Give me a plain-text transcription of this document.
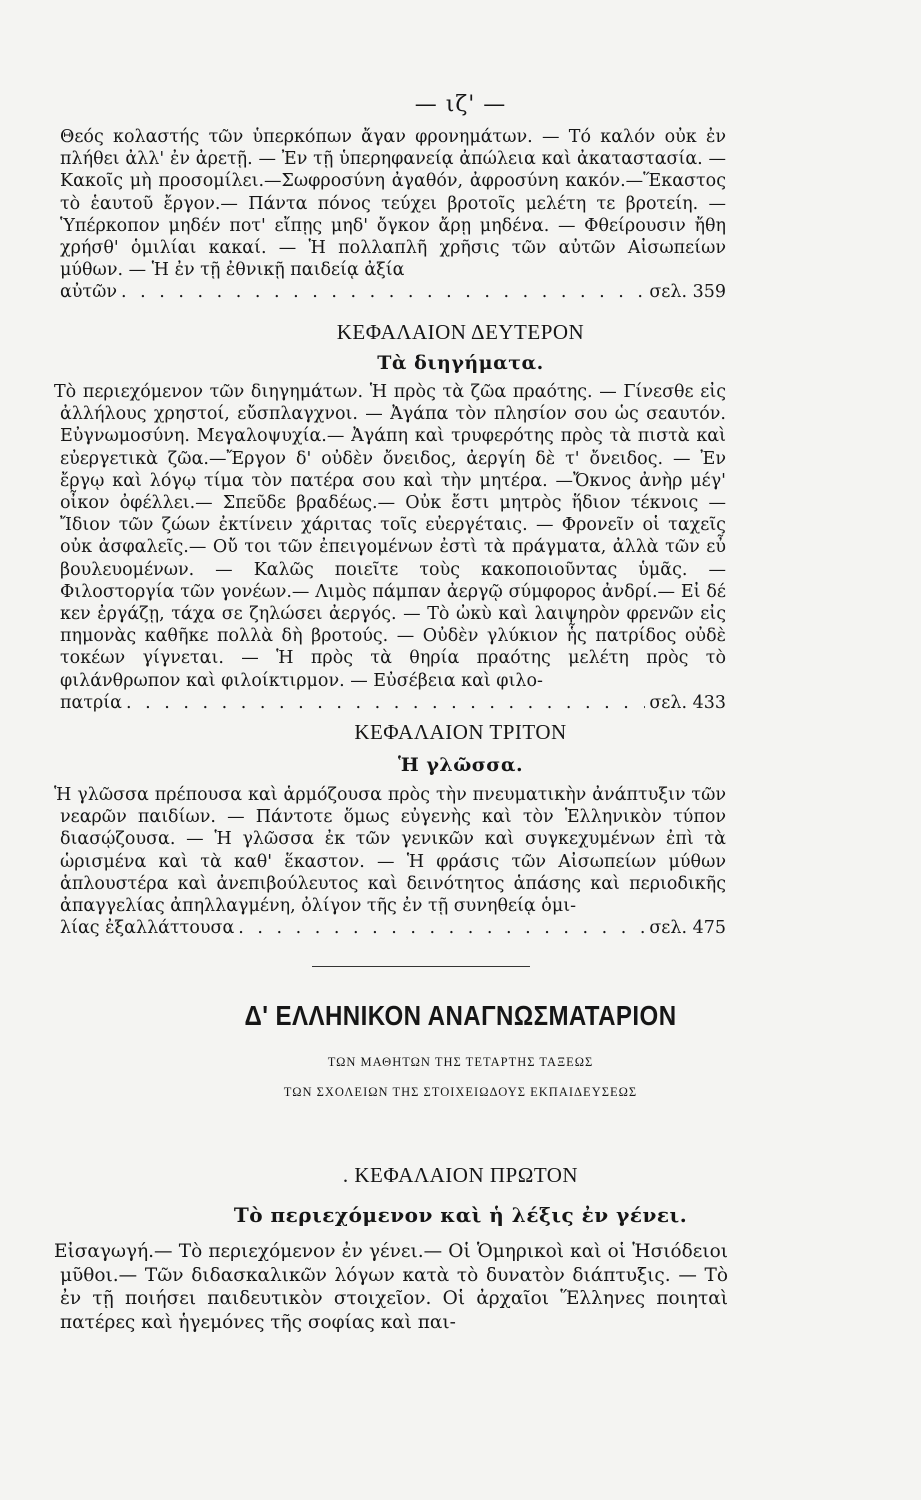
— ιζ' —
Θεός κολαστής τῶν ὑπερκόπων ἄγαν φρονημάτων. — Τό καλόν οὐκ ἐν πλήθει ἀλλ' ἐν ἀρετῇ. — Ἐν τῇ ὑπερηφανείᾳ ἀπώλεια καὶ ἀκαταστασία. — Κακοῖς μὴ προσομίλει.—Σωφροσύνη ἀγαθόν, ἀφροσύνη κακόν.—Ἕκαστος τὸ ἑαυτοῦ ἔργον.— Πάντα πόνος τεύχει βροτοῖς μελέτη τε βροτείη. — Ὑπέρκοπον μηδέν ποτ' εἴπῃς μηδ' ὄγκον ἄρῃ μηδένα. — Φθείρουσιν ἤθη χρήσθ' ὁμιλίαι κακαί. — Ἡ πολλαπλῆ χρῆσις τῶν αὐτῶν Αἰσωπείων μύθων. — Ἡ ἐν τῇ ἐθνικῇ παιδείᾳ ἀξία
αὐτῶν . . .	σελ. 359
ΚΕΦΑΛΑΙΟΝ ΔΕΥΤΕΡΟΝ
Τὰ διηγήματα.
Τὸ περιεχόμενον τῶν διηγημάτων. Ἡ πρὸς τὰ ζῶα πραότης. — Γίνεσθε εἰς ἀλλήλους χρηστοί, εὔσπλαγχνοι. — Ἀγάπα τὸν πλησίον σου ὡς σεαυτόν. Εὐγνωμοσύνη. Μεγαλοψυχία.— Ἀγάπη καὶ τρυφερότης πρὸς τὰ πιστὰ καὶ εὐεργετικὰ ζῶα.—Ἔργον δ' οὐδὲν ὄνειδος, ἀεργίη δὲ τ' ὄνειδος. — Ἐν ἔργῳ καὶ λόγῳ τίμα τὸν πατέρα σου καὶ τὴν μητέρα. —Ὄκνος ἀνὴρ μέγ' οἶκον ὀφέλλει.— Σπεῦδε βραδέως.— Οὐκ ἔστι μητρὸς ἥδιον τέκνοις —Ἴδιον τῶν ζώων ἐκτίνειν χάριτας τοῖς εὐεργέταις. — Φρονεῖν οἱ ταχεῖς οὐκ ἀσφαλεῖς.— Οὔ τοι τῶν ἐπειγομένων ἐστὶ τὰ πράγματα, ἀλλὰ τῶν εὖ βουλευομένων. — Καλῶς ποιεῖτε τοὺς κακοποιοῦντας ὑμᾶς. — Φιλοστοργία τῶν γονέων.— Λιμὸς πάμπαν ἀεργῷ σύμφορος ἀνδρί.— Εἰ δέ κεν ἐργάζῃ, τάχα σε ζηλώσει ἀεργός. — Τὸ ὠκὺ καὶ λαιψηρὸν φρενῶν εἰς πημονὰς καθῆκε πολλὰ δὴ βροτούς. — Οὐδὲν γλύκιον ἧς πατρίδος οὐδὲ τοκέων γίγνεται. — Ἡ πρὸς τὰ θηρία πραότης μελέτη πρὸς τὸ φιλάνθρωπον καὶ φιλοίκτιρμον. — Εὐσέβεια καὶ φιλο-
πατρία . . .	σελ. 433
ΚΕΦΑΛΑΙΟΝ ΤΡΙΤΟΝ
Ἡ γλῶσσα.
Ἡ γλῶσσα πρέπουσα καὶ ἁρμόζουσα πρὸς τὴν πνευματικὴν ἀνάπτυξιν τῶν νεαρῶν παιδίων. — Πάντοτε ὅμως εὐγενὴς καὶ τὸν Ἑλληνικὸν τύπον διασῴζουσα. — Ἡ γλῶσσα ἐκ τῶν γενικῶν καὶ συγκεχυμένων ἐπὶ τὰ ὡρισμένα καὶ τὰ καθ' ἕκαστον. — Ἡ φράσις τῶν Αἰσωπείων μύθων ἁπλουστέρα καὶ ἀνεπιβούλευτος καὶ δεινότητος ἁπάσης καὶ περιοδικῆς ἀπαγγελίας ἀπηλλαγμένη, ὀλίγον τῆς ἐν τῇ συνηθείᾳ ὁμι-
λίας ἐξαλλάττουσα . . .	σελ. 475
Δ' ΕΛΛΗΝΙΚΟΝ ΑΝΑΓΝΩΣΜΑΤΑΡΙΟΝ
ΤΩΝ ΜΑΘΗΤΩΝ ΤΗΣ ΤΕΤΑΡΤΗΣ ΤΑΞΕΩΣ
ΤΩΝ ΣΧΟΛΕΙΩΝ ΤΗΣ ΣΤΟΙΧΕΙΩΔΟΥΣ ΕΚΠΑΙΔΕΥΣΕΩΣ
. ΚΕΦΑΛΑΙΟΝ ΠΡΩΤΟΝ
Τὸ περιεχόμενον καὶ ἡ λέξις ἐν γένει.
Εἰσαγωγή.— Τὸ περιεχόμενον ἐν γένει.— Οἱ Ὁμηρικοὶ καὶ οἱ Ἡσιόδειοι μῦθοι.— Τῶν διδασκαλικῶν λόγων κατὰ τὸ δυνατὸν διάπτυξις. — Τὸ ἐν τῇ ποιήσει παιδευτικὸν στοιχεῖον. Οἱ ἀρχαῖοι Ἕλληνες ποιηταὶ πατέρες καὶ ἡγεμόνες τῆς σοφίας καὶ παι-
